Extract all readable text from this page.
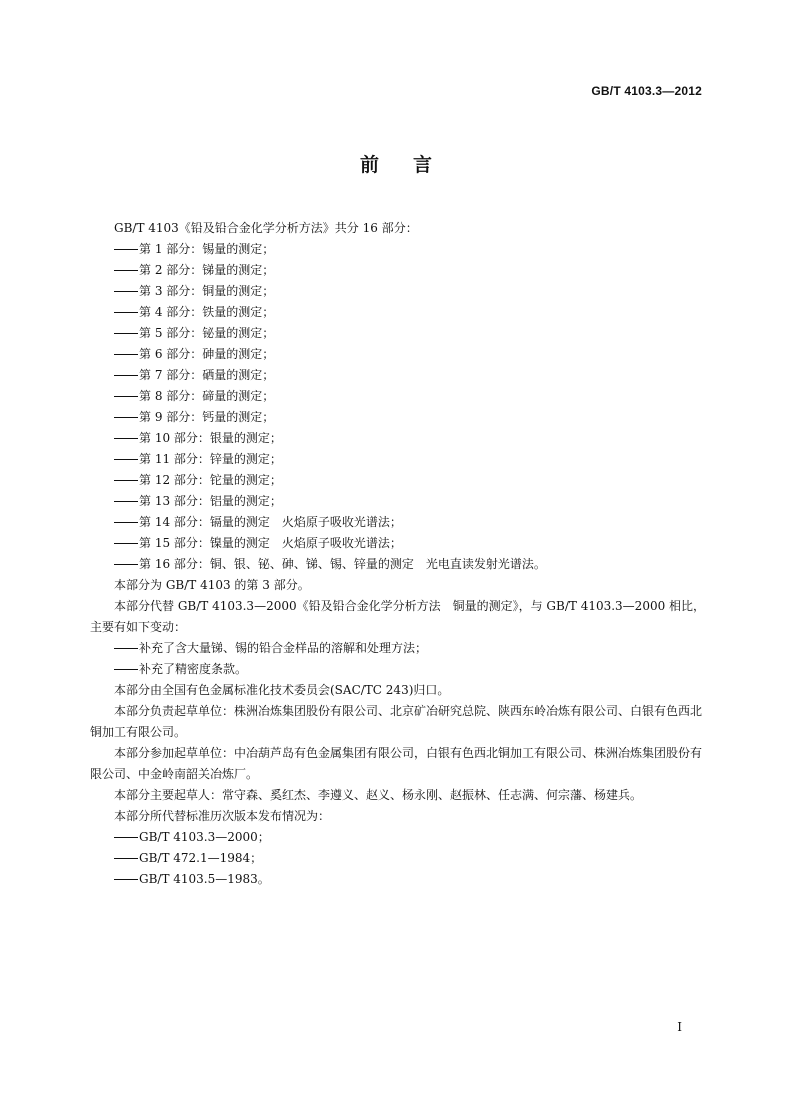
GB/T 4103.3—2012
前言

GB/T 4103《铅及铅合金化学分析方法》共分 16 部分：

第 1 部分：锡量的测定；
第 2 部分：锑量的测定；
第 3 部分：铜量的测定；
第 4 部分：铁量的测定；
第 5 部分：铋量的测定；
第 6 部分：砷量的测定；
第 7 部分：硒量的测定；
第 8 部分：碲量的测定；
第 9 部分：钙量的测定；
第 10 部分：银量的测定；
第 11 部分：锌量的测定；
第 12 部分：铊量的测定；
第 13 部分：铝量的测定；
第 14 部分：镉量的测定　火焰原子吸收光谱法；
第 15 部分：镍量的测定　火焰原子吸收光谱法；
第 16 部分：铜、银、铋、砷、锑、锡、锌量的测定　光电直读发射光谱法。

本部分为 GB/T 4103 的第 3 部分。

本部分代替 GB/T 4103.3—2000《铅及铅合金化学分析方法　铜量的测定》，与 GB/T 4103.3—2000 相比，主要有如下变动：

补充了含大量锑、锡的铅合金样品的溶解和处理方法；
补充了精密度条款。

本部分由全国有色金属标准化技术委员会(SAC/TC 243)归口。

本部分负责起草单位：株洲冶炼集团股份有限公司、北京矿冶研究总院、陕西东岭冶炼有限公司、白银有色西北铜加工有限公司。

本部分参加起草单位：中冶葫芦岛有色金属集团有限公司，白银有色西北铜加工有限公司、株洲冶炼集团股份有限公司、中金岭南韶关冶炼厂。

本部分主要起草人：常守森、奚红杰、李遵义、赵义、杨永刚、赵振林、任志满、何宗藩、杨建兵。

本部分所代替标准历次版本发布情况为：

GB/T 4103.3—2000；
GB/T 472.1—1984；
GB/T 4103.5—1983。
I
